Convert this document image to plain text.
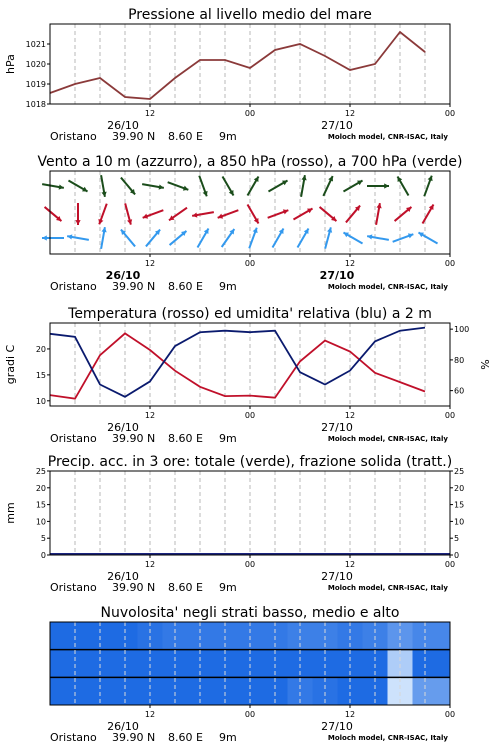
Pressione al livello medio del mare
1018
1019
1020
1021
hPa
12	00	12	00
26/10	27/10
Oristano 39.90 N 8.60 E 9m	Moloch model, CNR-ISAC, Italy
Vento a 10 m (azzurro), a 850 hPa (rosso), a 700 hPa (verde)
12	00	12	00
26/10	27/10
Oristano 39.90 N 8.60 E 9m	Moloch model, CNR-ISAC, Italy
Temperatura (rosso) ed umidita' relativa (blu) a 2 m
10
15
20
60
80
100
gradi C	%
12	00	12	00
26/10	27/10
Oristano 39.90 N 8.60 E 9m	Moloch model, CNR-ISAC, Italy
Precip. acc. in 3 ore: totale (verde), frazione solida (tratt.)
0
5
10
15
20
25
0
5
10
15
20
25
mm
12	00	12	00
26/10	27/10
Oristano 39.90 N 8.60 E 9m	Moloch model, CNR-ISAC, Italy
Nuvolosita' negli strati basso, medio e alto
12	00	12	00
26/10	27/10
Oristano 39.90 N 8.60 E 9m	Moloch model, CNR-ISAC, Italy
